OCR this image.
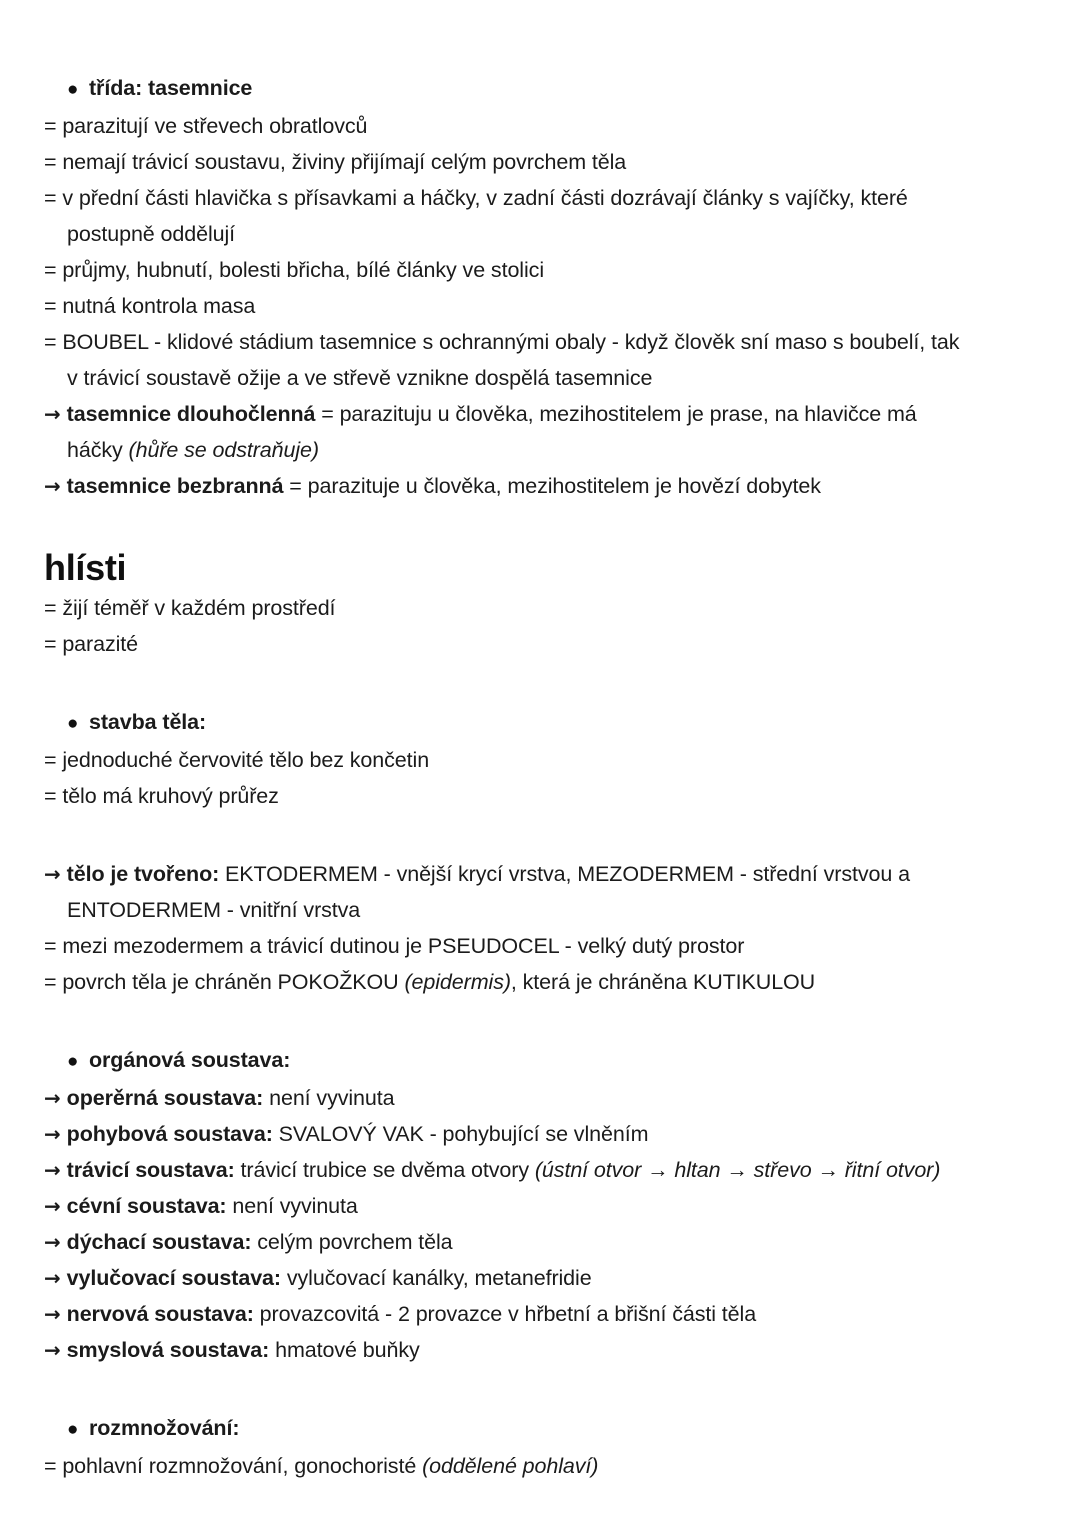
● třída: tasemnice
= parazitují ve střevech obratlovců
= nemají trávicí soustavu, živiny přijímají celým povrchem těla
= v přední části hlavička s přísavkami a háčky, v zadní části dozrávají články s vajíčky, které
postupně oddělují
= průjmy, hubnutí, bolesti břicha, bílé články ve stolici
= nutná kontrola masa
= BOUBEL - klidové stádium tasemnice s ochrannými obaly - když člověk sní maso s boubelí, tak
v trávicí soustavě ožije a ve střevě vznikne dospělá tasemnice
→ tasemnice dlouhočlenná = parazituju u člověka, mezihostitelem je prase, na hlavičce má
háčky (hůře se odstraňuje)
→ tasemnice bezbranná = parazituje u člověka, mezihostitelem je hovězí dobytek
hlísti
= žijí téměř v každém prostředí
= parazité
● stavba těla:
= jednoduché červovité tělo bez končetin
= tělo má kruhový průřez
→ tělo je tvořeno: EKTODERMEM - vnější krycí vrstva, MEZODERMEM - střední vrstvou a
ENTODERMEM - vnitřní vrstva
= mezi mezodermem a trávicí dutinou je PSEUDOCEL - velký dutý prostor
= povrch těla je chráněn POKOŽKOU (epidermis), která je chráněna KUTIKULOU
● orgánová soustava:
→ operěrná soustava: není vyvinuta
→ pohybová soustava: SVALOVÝ VAK - pohybující se vlněním
→ trávicí soustava: trávicí trubice se dvěma otvory (ústní otvor → hltan → střevo → řitní otvor)
→ cévní soustava: není vyvinuta
→ dýchací soustava: celým povrchem těla
→ vylučovací soustava: vylučovací kanálky, metanefridie
→ nervová soustava: provazcovitá - 2 provazce v hřbetní a břišní části těla
→ smyslová soustava: hmatové buňky
● rozmnožování:
= pohlavní rozmnožování, gonochoristé (oddělené pohlaví)
